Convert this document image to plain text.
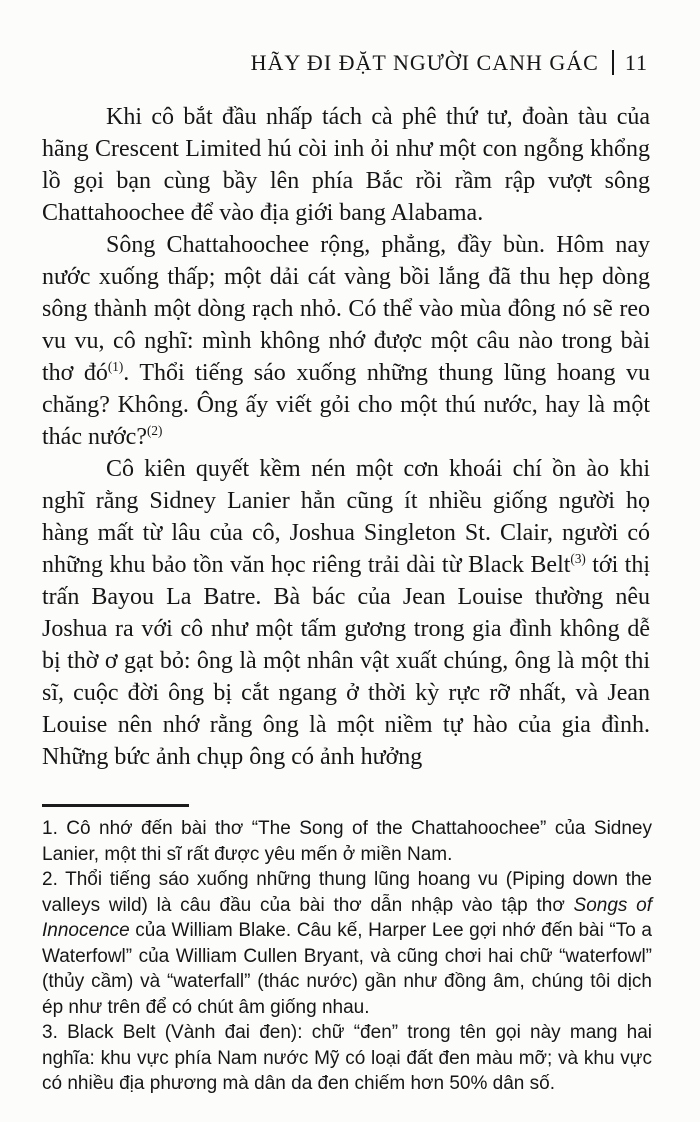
HÃY ĐI ĐẶT NGƯỜI CANH GÁC 11

Khi cô bắt đầu nhấp tách cà phê thứ tư, đoàn tàu của hãng Crescent Limited hú còi inh ỏi như một con ngỗng khổng lồ gọi bạn cùng bầy lên phía Bắc rồi rầm rập vượt sông Chattahoochee để vào địa giới bang Alabama.

Sông Chattahoochee rộng, phẳng, đầy bùn. Hôm nay nước xuống thấp; một dải cát vàng bồi lắng đã thu hẹp dòng sông thành một dòng rạch nhỏ. Có thể vào mùa đông nó sẽ reo vu vu, cô nghĩ: mình không nhớ được một câu nào trong bài thơ $đó^{(1)}$. Thổi tiếng sáo xuống những thung lũng hoang vu chăng? Không. Ông ấy viết gỏi cho một thú nước, hay là một thác nước?$^{(2)}$

Cô kiên quyết kềm nén một cơn khoái chí ồn ào khi nghĩ rằng Sidney Lanier hẳn cũng ít nhiều giống người họ hàng mất từ lâu của cô, Joshua Singleton St. Clair, người có những khu bảo tồn văn học riêng trải dài từ Black Belt$^{(3)}$ tới thị trấn Bayou La Batre. Bà bác của Jean Louise thường nêu Joshua ra với cô như một tấm gương trong gia đình không dễ bị thờ ơ gạt bỏ: ông là một nhân vật xuất chúng, ông là một thi sĩ, cuộc đời ông bị cắt ngang ở thời kỳ rực rỡ nhất, và Jean Louise nên nhớ rằng ông là một niềm tự hào của gia đình. Những bức ảnh chụp ông có ảnh hưởng

1. Cô nhớ đến bài thơ “The Song of the Chattahoochee” của Sidney Lanier, một thi sĩ rất được yêu mến ở miền Nam.

2. Thổi tiếng sáo xuống những thung lũng hoang vu (Piping down the valleys wild) là câu đầu của bài thơ dẫn nhập vào tập thơ Songs of Innocence của William Blake. Câu kế, Harper Lee gợi nhớ đến bài “To a Waterfowl” của William Cullen Bryant, và cũng chơi hai chữ “waterfowl” (thủy cầm) và “waterfall” (thác nước) gần như đồng âm, chúng tôi dịch ép như trên để có chút âm giống nhau.

3. Black Belt (Vành đai đen): chữ “đen” trong tên gọi này mang hai nghĩa: khu vực phía Nam nước Mỹ có loại đất đen màu mỡ; và khu vực có nhiều địa phương mà dân da đen chiếm hơn 50% dân số.
